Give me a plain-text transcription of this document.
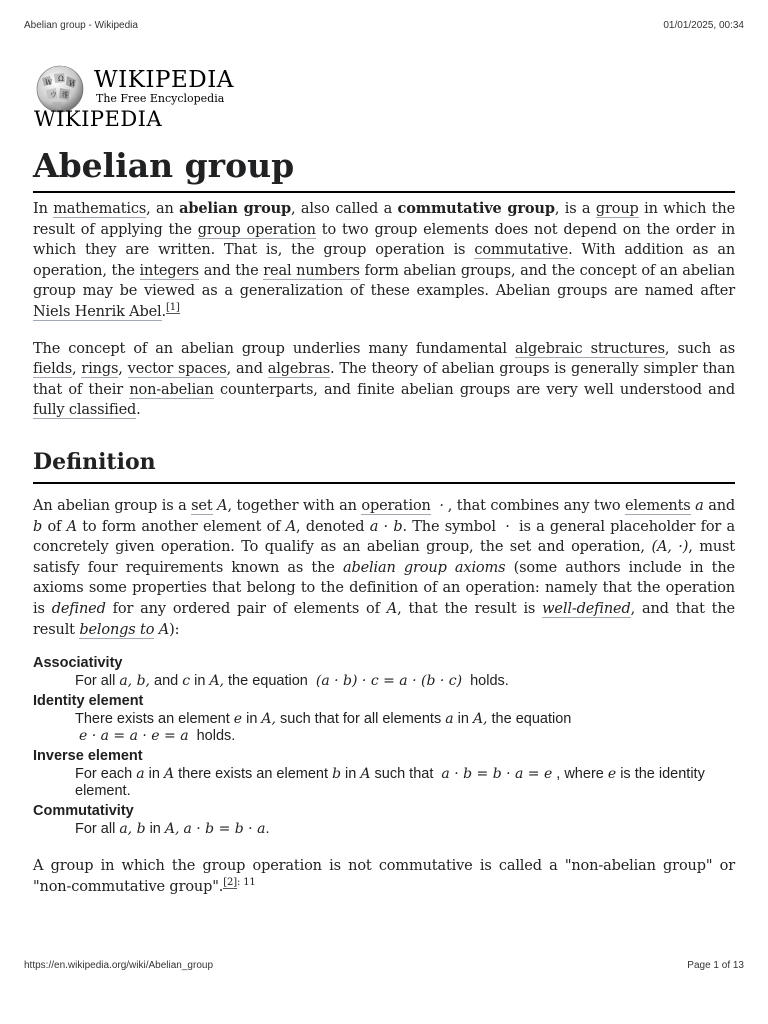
Abelian group - Wikipedia	01/01/2025, 00:34
W Ω
И
ウ 维
WIKIPEDIA
The Free Encyclopedia
WIKIPEDIA
Abelian group

In mathematics, an abelian group, also called a commutative group, is a group in which the result of applying the group operation to two group elements does not depend on the order in which they are written. That is, the group operation is commutative. With addition as an operation, the integers and the real numbers form abelian groups, and the concept of an abelian group may be viewed as a generalization of these examples. Abelian groups are named after Niels Henrik Abel.[1]

The concept of an abelian group underlies many fundamental algebraic structures, such as fields, rings, vector spaces, and algebras. The theory of abelian groups is generally simpler than that of their non-abelian counterparts, and finite abelian groups are very well understood and fully classified.

Definition

An abelian group is a set A, together with an operation · , that combines any two elements a and b of A to form another element of A, denoted a · b. The symbol · is a general placeholder for a concretely given operation. To qualify as an abelian group, the set and operation, (A, ·), must satisfy four requirements known as the abelian group axioms (some authors include in the axioms some properties that belong to the definition of an operation: namely that the operation is defined for any ordered pair of elements of A, that the result is well-defined, and that the result belongs to A):

Associativity
For all a, b, and c in A, the equation (a · b) · c = a · (b · c) holds.
Identity element
There exists an element e in A, such that for all elements a in A, the equation
e · a = a · e = a holds.
Inverse element
For each a in A there exists an element b in A such that a · b = b · a = e , where e is the identity element.
Commutativity
For all a, b in A, a · b = b · a.

A group in which the group operation is not commutative is called a "non-abelian group" or "non-commutative group".$^{[2]: 11}$

https://en.wikipedia.org/wiki/Abelian_group	Page 1 of 13
